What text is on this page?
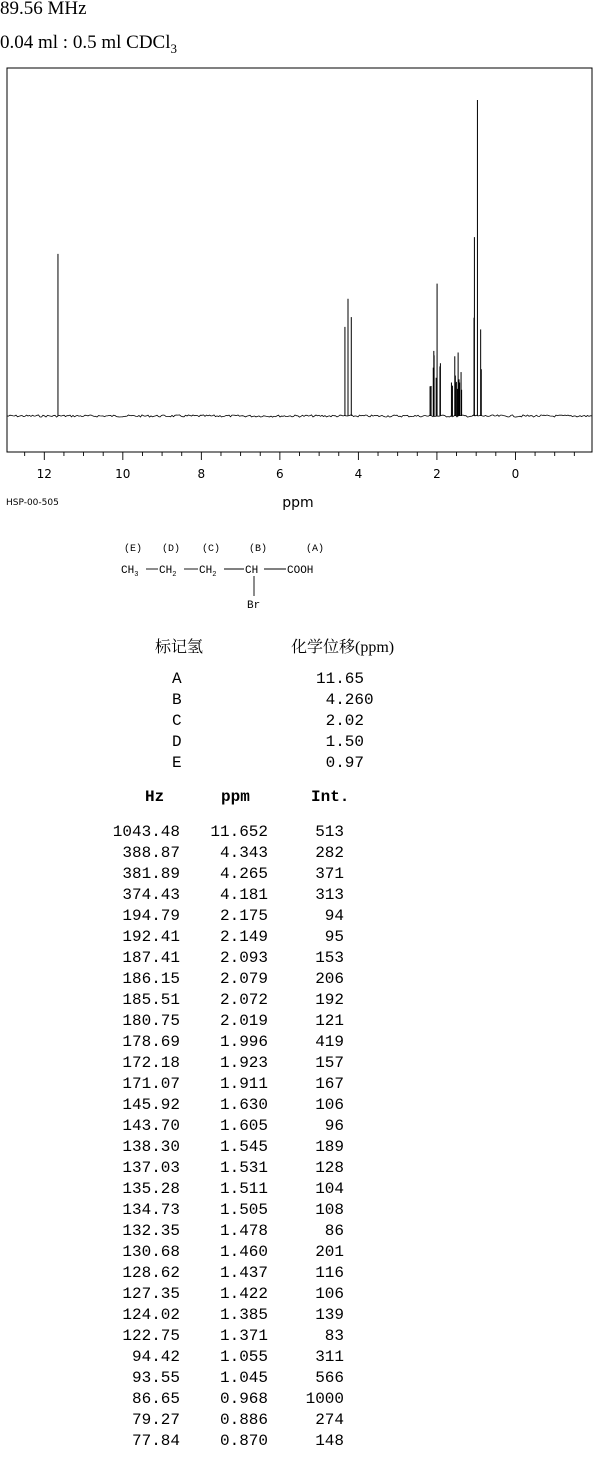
89.56 MHz
0.04 ml : 0.5 ml CDCl$_3$
12	10	8	6	4	2	0
ppm
HSP-00-505
(E) (D) (C)	(B)	(A)
$CH_3$ $CH_2$ $CH_2$	CH	COOH
Br
标记氢	化学位移(ppm)
A	11.65
B	4.260
C	2.02
D	1.50
E	0.97
Hz	ppm	Int.
1043.48	11.652	513
388.87	4.343	282
381.89	4.265	371
374.43	4.181	313
194.79	2.175	94
192.41	2.149	95
187.41	2.093	153
186.15	2.079	206
185.51	2.072	192
180.75	2.019	121
178.69	1.996	419
172.18	1.923	157
171.07	1.911	167
145.92	1.630	106
143.70	1.605	96
138.30	1.545	189
137.03	1.531	128
135.28	1.511	104
134.73	1.505	108
132.35	1.478	86
130.68	1.460	201
128.62	1.437	116
127.35	1.422	106
124.02	1.385	139
122.75	1.371	83
94.42	1.055	311
93.55	1.045	566
86.65	0.968	1000
79.27	0.886	274
77.84	0.870	148
